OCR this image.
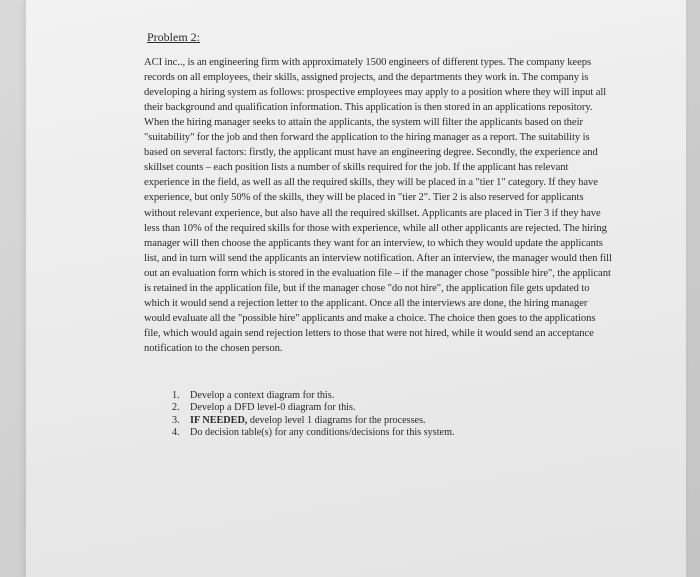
Problem 2:

ACI inc.., is an engineering firm with approximately 1500 engineers of different types. The company keeps records on all employees, their skills, assigned projects, and the departments they work in. The company is developing a hiring system as follows: prospective employees may apply to a position where they will input all their background and qualification information. This application is then stored in an applications repository. When the hiring manager seeks to attain the applicants, the system will filter the applicants based on their "suitability" for the job and then forward the application to the hiring manager as a report. The suitability is based on several factors: firstly, the applicant must have an engineering degree. Secondly, the experience and skillset counts – each position lists a number of skills required for the job. If the applicant has relevant experience in the field, as well as all the required skills, they will be placed in a "tier 1" category. If they have experience, but only 50% of the skills, they will be placed in "tier 2". Tier 2 is also reserved for applicants without relevant experience, but also have all the required skillset. Applicants are placed in Tier 3 if they have less than 10% of the required skills for those with experience, while all other applicants are rejected. The hiring manager will then choose the applicants they want for an interview, to which they would update the applicants list, and in turn will send the applicants an interview notification. After an interview, the manager would then fill out an evaluation form which is stored in the evaluation file – if the manager chose "possible hire", the applicant is retained in the application file, but if the manager chose "do not hire", the application file gets updated to which it would send a rejection letter to the applicant. Once all the interviews are done, the hiring manager would evaluate all the "possible hire" applicants and make a choice. The choice then goes to the applications file, which would again send rejection letters to those that were not hired, while it would send an acceptance notification to the chosen person.

1.	Develop a context diagram for this.
2.	Develop a DFD level-0 diagram for this.
3.	IF NEEDED, develop level 1 diagrams for the processes.
4.	Do decision table(s) for any conditions/decisions for this system.
